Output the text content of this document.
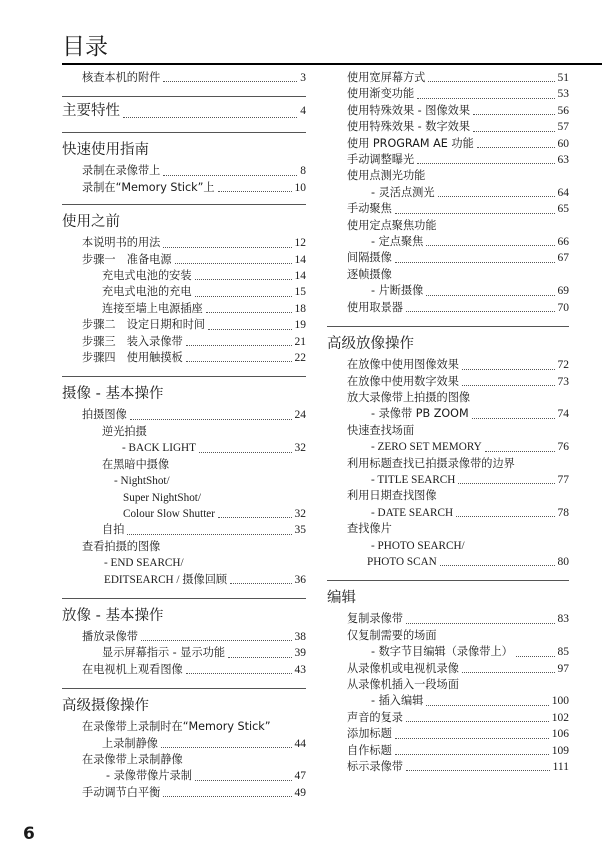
目录
核查本机的附件	3
主要特性	4
快速使用指南
录制在录像带上	8
录制在“Memory Stick”上	10
使用之前
本说明书的用法	12
步骤一　准备电源	14
充电式电池的安装	14
充电式电池的充电	15
连接至墙上电源插座	18
步骤二　设定日期和时间	19
步骤三　装入录像带	21
步骤四　使用触摸板	22
摄像 - 基本操作
拍摄图像	24
逆光拍摄
- BACK LIGHT	32
在黑暗中摄像
- NightShot/
Super NightShot/
Colour Slow Shutter	32
自拍	35
查看拍摄的图像
- END SEARCH/
EDITSEARCH / 摄像回顾	36
放像 - 基本操作
播放录像带	38
显示屏幕指示 - 显示功能	39
在电视机上观看图像	43
高级摄像操作
在录像带上录制时在“Memory Stick”
上录制静像	44
在录像带上录制静像
- 录像带像片录制	47
手动调节白平衡	49
使用宽屏幕方式	51
使用渐变功能	53
使用特殊效果 - 图像效果	56
使用特殊效果 - 数字效果	57
使用 PROGRAM AE 功能	60
手动调整曝光	63
使用点测光功能
- 灵活点测光	64
手动聚焦	65
使用定点聚焦功能
- 定点聚焦	66
间隔摄像	67
逐帧摄像
- 片断摄像	69
使用取景器	70
高级放像操作
在放像中使用图像效果	72
在放像中使用数字效果	73
放大录像带上拍摄的图像
- 录像带 PB ZOOM	74
快速查找场面
- ZERO SET MEMORY	76
利用标题查找已拍摄录像带的边界
- TITLE SEARCH	77
利用日期查找图像
- DATE SEARCH	78
查找像片
- PHOTO SEARCH/
PHOTO SCAN	80
编辑
复制录像带	83
仅复制需要的场面
- 数字节目编辑（录像带上）	85
从录像机或电视机录像	97
从录像机插入一段场面
- 插入编辑	100
声音的复录	102
添加标题	106
自作标题	109
标示录像带	111
6
